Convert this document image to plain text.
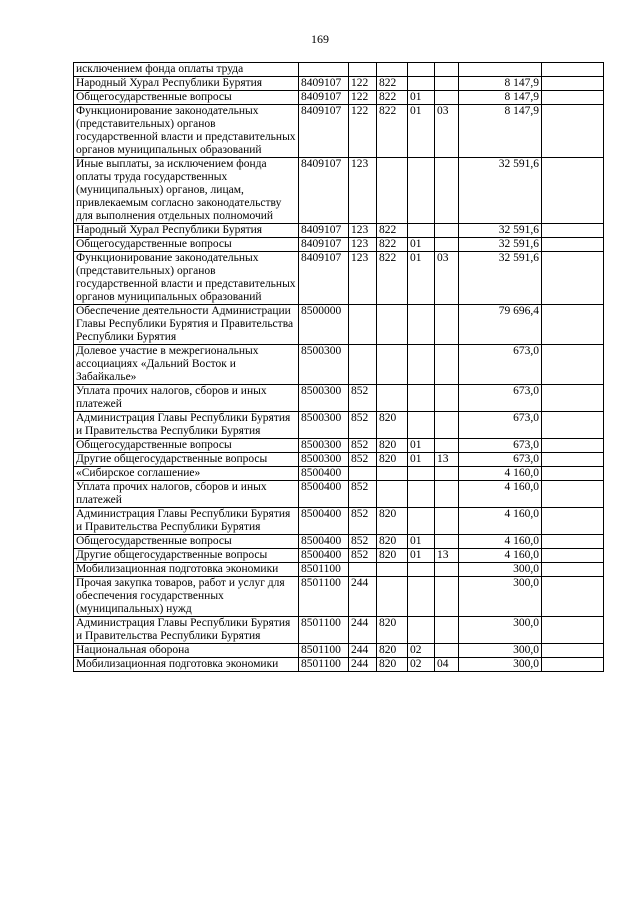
169
исключением фонда оплаты труда							
Народный Хурал Республики Бурятия	8409107	122	822			8 147,9	
Общегосударственные вопросы	8409107	122	822	01		8 147,9	
Функционирование законодательных (представительных) органов государственной власти и представительных органов муниципальных образований	8409107	122	822	01	03	8 147,9	
Иные выплаты, за исключением фонда оплаты труда государственных (муниципальных) органов, лицам, привлекаемым согласно законодательству для выполнения отдельных полномочий	8409107	123				32 591,6	
Народный Хурал Республики Бурятия	8409107	123	822			32 591,6	
Общегосударственные вопросы	8409107	123	822	01		32 591,6	
Функционирование законодательных (представительных) органов государственной власти и представительных органов муниципальных образований	8409107	123	822	01	03	32 591,6	
Обеспечение деятельности Администрации Главы Республики Бурятия и Правительства Республики Бурятия	8500000					79 696,4	
Долевое участие в межрегиональных ассоциациях «Дальний Восток и Забайкалье»	8500300					673,0	
Уплата прочих налогов, сборов и иных платежей	8500300	852				673,0	
Администрация Главы Республики Бурятия и Правительства Республики Бурятия	8500300	852	820			673,0	
Общегосударственные вопросы	8500300	852	820	01		673,0	
Другие общегосударственные вопросы	8500300	852	820	01	13	673,0	
«Сибирское соглашение»	8500400					4 160,0	
Уплата прочих налогов, сборов и иных платежей	8500400	852				4 160,0	
Администрация Главы Республики Бурятия и Правительства Республики Бурятия	8500400	852	820			4 160,0	
Общегосударственные вопросы	8500400	852	820	01		4 160,0	
Другие общегосударственные вопросы	8500400	852	820	01	13	4 160,0	
Мобилизационная подготовка экономики	8501100					300,0	
Прочая закупка товаров, работ и услуг для обеспечения государственных (муниципальных) нужд	8501100	244				300,0	
Администрация Главы Республики Бурятия и Правительства Республики Бурятия	8501100	244	820			300,0	
Национальная оборона	8501100	244	820	02		300,0	
Мобилизационная подготовка экономики	8501100	244	820	02	04	300,0	
